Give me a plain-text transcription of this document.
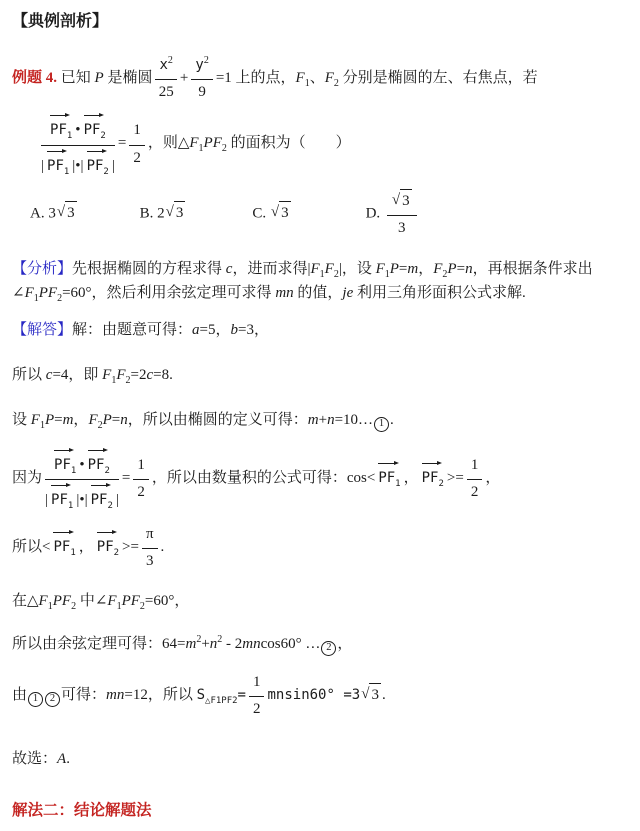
【典例剖析】
例题 4. 已知 P 是椭圆 $\frac{x^2}{25} + \frac{y^2}{9} =1$ 上的点，$F_1$、$F_2$ 分别是椭圆的左、右焦点，若
$\frac{PF_1 • PF_2}{| PF_1 |•| PF_2 |} = \frac{1}{2}$ ，则$\triangle F_1PF_2$ 的面积为（　　）
A. 3√ 3	B. 2√ 3	C. √ 3	D. $\frac{√ 3}{3}$
【分析】先根据椭圆的方程求得 c，进而求得$|F_1F_2|$，设 $F_1P=m$，$F_2P=n$，再根据条件求出$\angle F_1PF_2=60^\circ$，然后利用余弦定理可求得 mn 的值，je 利用三角形面积公式求解.
【解答】解：由题意可得：a=5，b=3，
所以 c=4，即 $F_1F_2=2c=8$.
设 $F_1P=m$，$F_2P=n$，所以由椭圆的定义可得：m+n=10… 1 .
因为 $\frac{PF_1 • PF_2}{| PF_1 |•| PF_2 |} = \frac{1}{2}$ ，所以由数量积的公式可得：$\cos< PF_1$ ， $PF_2 >= \frac{1}{2}$ ，
所以< $PF_1$ ， $PF_2 >= \frac{\pi}{3}$ .
在$\triangle F_1PF_2$ 中$\angle F_1PF_2=60^\circ$，
所以由余弦定理可得：$64=m^2+n^2 - 2mncos60^\circ$ … 2 ，
由 1 2 可得：mn=12，所以 $S_{\triangle F1PF2}= \frac{1}{2} mnsin60^\circ =3√$ 3 .
故选：A.
解法二：结论解题法
